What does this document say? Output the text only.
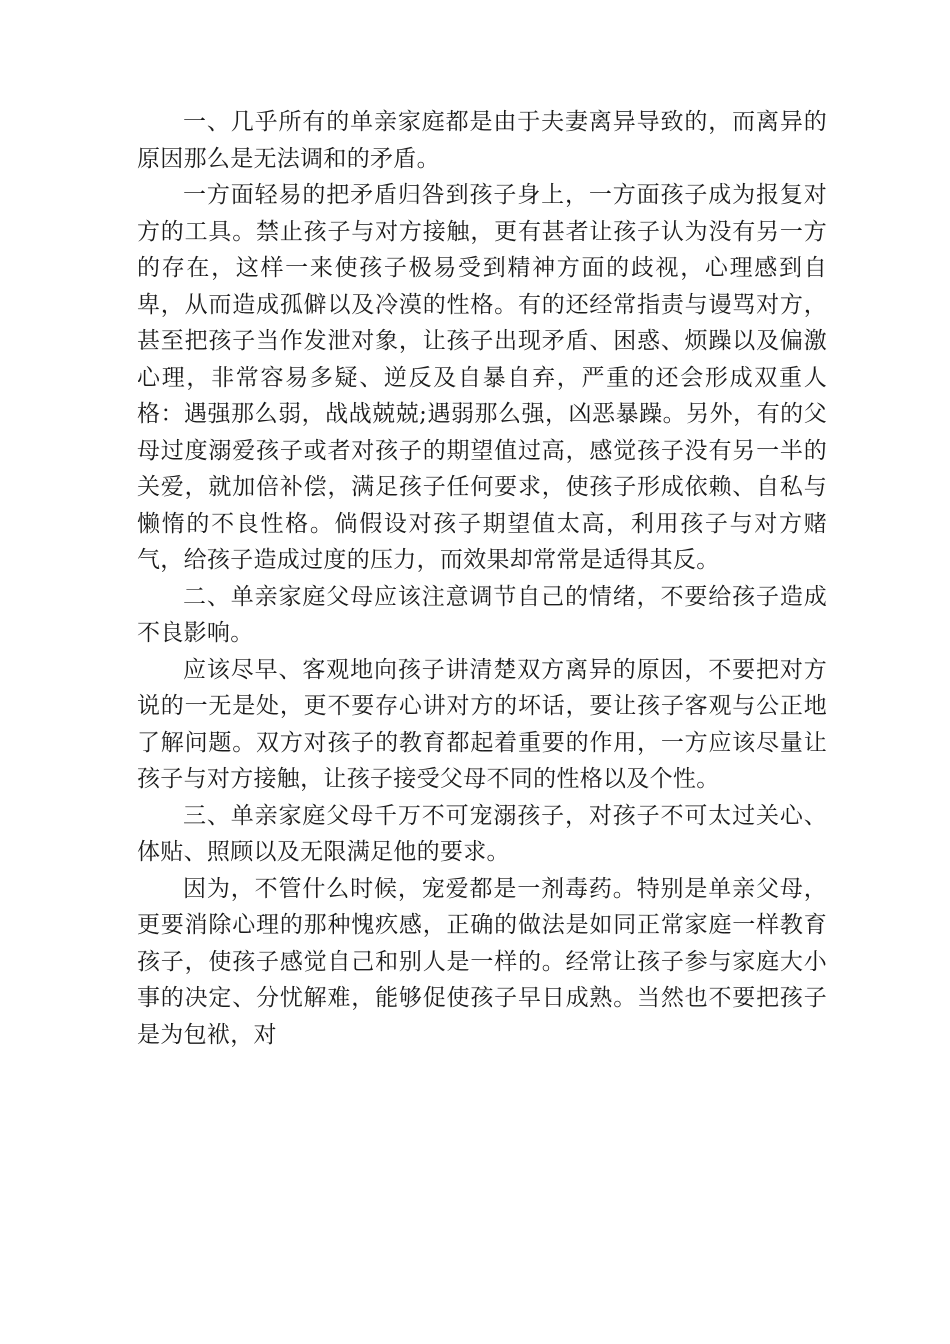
一、几乎所有的单亲家庭都是由于夫妻离异导致的，而离异的原因那么是无法调和的矛盾。

一方面轻易的把矛盾归咎到孩子身上，一方面孩子成为报复对方的工具。禁止孩子与对方接触，更有甚者让孩子认为没有另一方的存在，这样一来使孩子极易受到精神方面的歧视，心理感到自卑，从而造成孤僻以及冷漠的性格。有的还经常指责与谩骂对方，甚至把孩子当作发泄对象，让孩子出现矛盾、困惑、烦躁以及偏激心理，非常容易多疑、逆反及自暴自弃，严重的还会形成双重人格：遇强那么弱，战战兢兢;遇弱那么强，凶恶暴躁。另外，有的父母过度溺爱孩子或者对孩子的期望值过高，感觉孩子没有另一半的关爱，就加倍补偿，满足孩子任何要求，使孩子形成依赖、自私与懒惰的不良性格。倘假设对孩子期望值太高，利用孩子与对方赌气，给孩子造成过度的压力，而效果却常常是适得其反。

二、单亲家庭父母应该注意调节自己的情绪，不要给孩子造成不良影响。

应该尽早、客观地向孩子讲清楚双方离异的原因，不要把对方说的一无是处，更不要存心讲对方的坏话，要让孩子客观与公正地了解问题。双方对孩子的教育都起着重要的作用，一方应该尽量让孩子与对方接触，让孩子接受父母不同的性格以及个性。

三、单亲家庭父母千万不可宠溺孩子，对孩子不可太过关心、体贴、照顾以及无限满足他的要求。

因为，不管什么时候，宠爱都是一剂毒药。特别是单亲父母，更要消除心理的那种愧疚感，正确的做法是如同正常家庭一样教育孩子，使孩子感觉自己和别人是一样的。经常让孩子参与家庭大小事的决定、分忧解难，能够促使孩子早日成熟。当然也不要把孩子是为包袱，对
